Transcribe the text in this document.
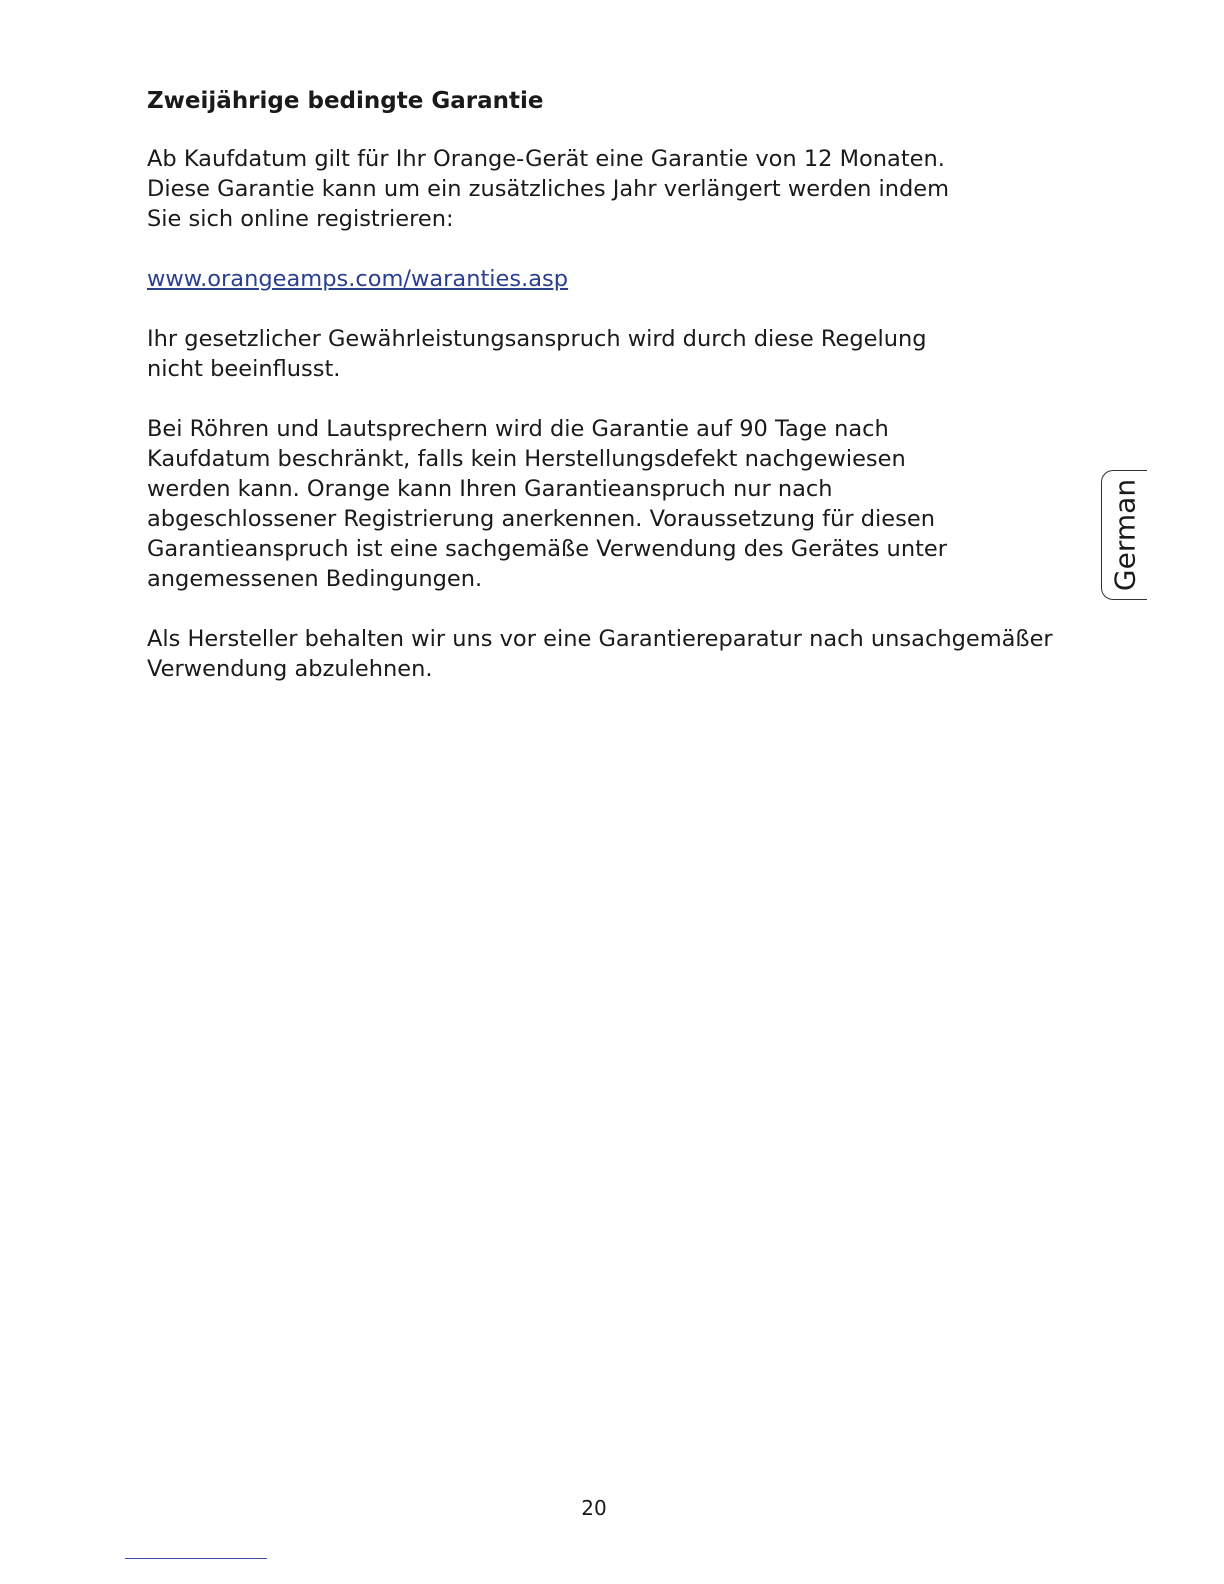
Zweijährige bedingte Garantie

Ab Kaufdatum gilt für Ihr Orange-Gerät eine Garantie von 12 Monaten.
Diese Garantie kann um ein zusätzliches Jahr verlängert werden indem
Sie sich online registrieren:

www.orangeamps.com/waranties.asp

Ihr gesetzlicher Gewährleistungsanspruch wird durch diese Regelung
nicht beeinflusst.

Bei Röhren und Lautsprechern wird die Garantie auf 90 Tage nach
Kaufdatum beschränkt, falls kein Herstellungsdefekt nachgewiesen
werden kann. Orange kann Ihren Garantieanspruch nur nach
abgeschlossener Registrierung anerkennen. Voraussetzung für diesen
Garantieanspruch ist eine sachgemäße Verwendung des Gerätes unter
angemessenen Bedingungen.

Als Hersteller behalten wir uns vor eine Garantiereparatur nach unsachgemäßer
Verwendung abzulehnen.

German
20
